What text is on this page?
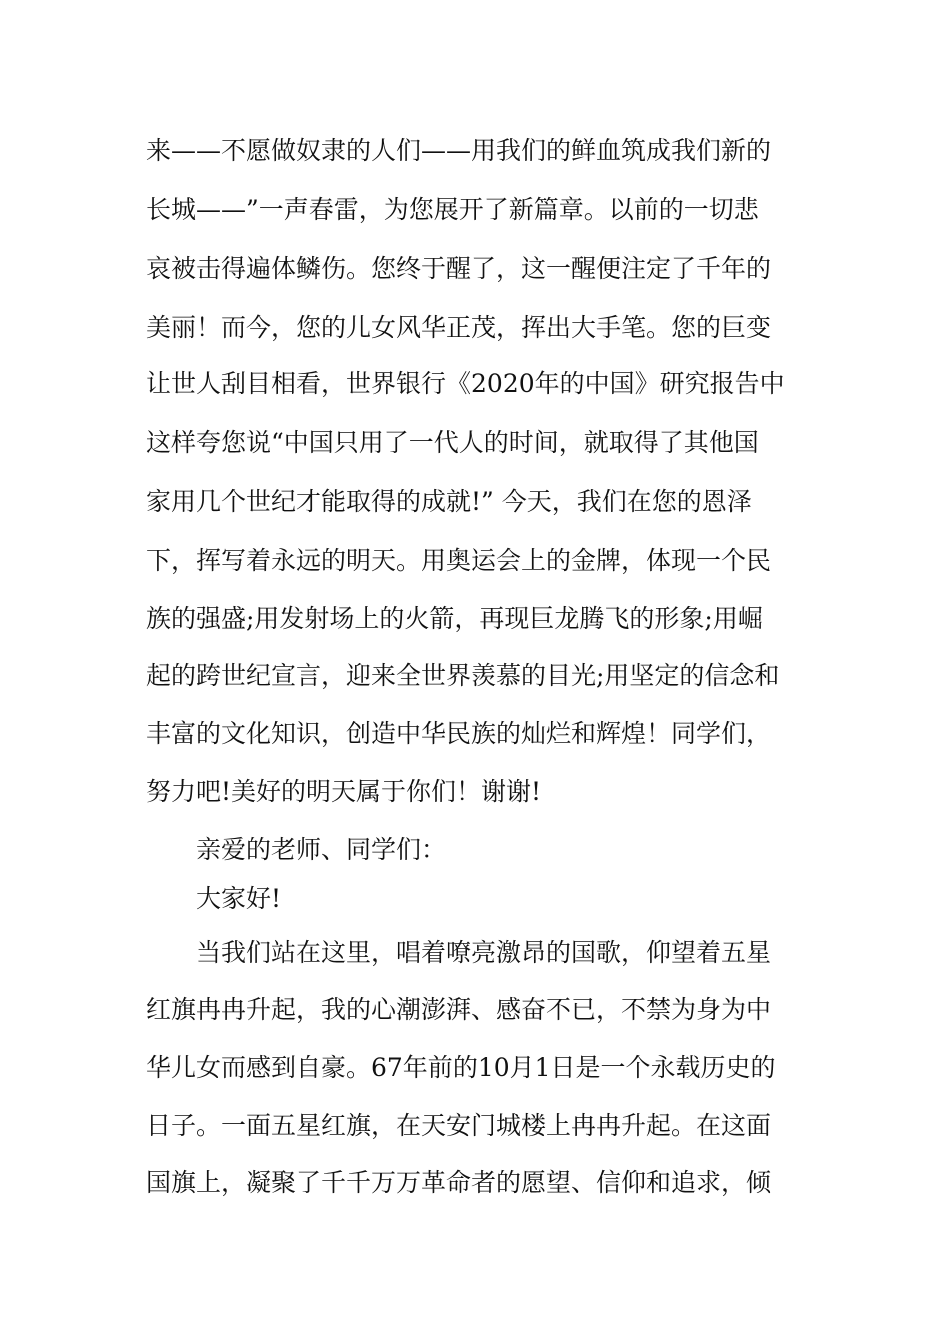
来——不愿做奴隶的人们——用我们的鲜血筑成我们新的
长城——”一声春雷，为您展开了新篇章。以前的一切悲
哀被击得遍体鳞伤。您终于醒了，这一醒便注定了千年的
美丽！而今，您的儿女风华正茂，挥出大手笔。您的巨变
让世人刮目相看，世界银行《2020年的中国》研究报告中
这样夸您说“中国只用了一代人的时间，就取得了其他国
家用几个世纪才能取得的成就!” 今天，我们在您的恩泽
下，挥写着永远的明天。用奥运会上的金牌，体现一个民
族的强盛;用发射场上的火箭，再现巨龙腾飞的形象;用崛
起的跨世纪宣言，迎来全世界羡慕的目光;用坚定的信念和
丰富的文化知识，创造中华民族的灿烂和辉煌！同学们，
努力吧!美好的明天属于你们！谢谢!
亲爱的老师、同学们：
大家好!
当我们站在这里，唱着嘹亮激昂的国歌，仰望着五星
红旗冉冉升起，我的心潮澎湃、感奋不已，不禁为身为中
华儿女而感到自豪。67年前的10月1日是一个永载历史的
日子。一面五星红旗，在天安门城楼上冉冉升起。在这面
国旗上，凝聚了千千万万革命者的愿望、信仰和追求，倾
